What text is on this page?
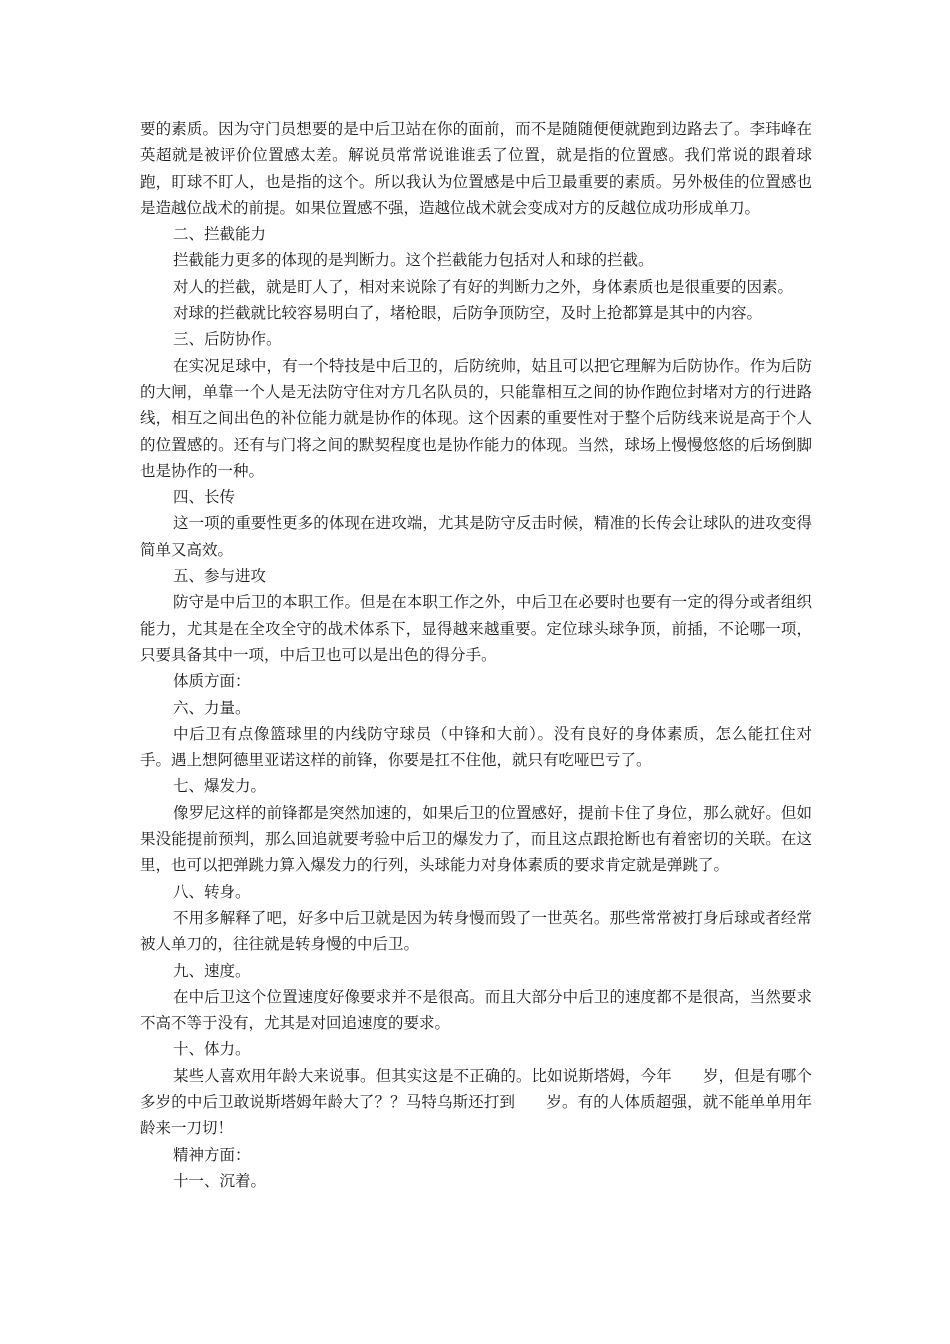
要的素质。因为守门员想要的是中后卫站在你的面前，而不是随随便便就跑到边路去了。李玮峰在英超就是被评价位置感太差。解说员常常说谁谁丢了位置，就是指的位置感。我们常说的跟着球跑，盯球不盯人，也是指的这个。所以我认为位置感是中后卫最重要的素质。另外极佳的位置感也是造越位战术的前提。如果位置感不强，造越位战术就会变成对方的反越位成功形成单刀。

二、拦截能力

拦截能力更多的体现的是判断力。这个拦截能力包括对人和球的拦截。

对人的拦截，就是盯人了，相对来说除了有好的判断力之外，身体素质也是很重要的因素。

对球的拦截就比较容易明白了，堵枪眼，后防争顶防空，及时上抢都算是其中的内容。

三、后防协作。

在实况足球中，有一个特技是中后卫的，后防统帅，姑且可以把它理解为后防协作。作为后防的大闸，单靠一个人是无法防守住对方几名队员的，只能靠相互之间的协作跑位封堵对方的行进路线，相互之间出色的补位能力就是协作的体现。这个因素的重要性对于整个后防线来说是高于个人的位置感的。还有与门将之间的默契程度也是协作能力的体现。当然，球场上慢慢悠悠的后场倒脚也是协作的一种。

四、长传

这一项的重要性更多的体现在进攻端，尤其是防守反击时候，精准的长传会让球队的进攻变得简单又高效。

五、参与进攻

防守是中后卫的本职工作。但是在本职工作之外，中后卫在必要时也要有一定的得分或者组织能力，尤其是在全攻全守的战术体系下，显得越来越重要。定位球头球争顶，前插，不论哪一项，只要具备其中一项，中后卫也可以是出色的得分手。

体质方面：

六、力量。

中后卫有点像篮球里的内线防守球员（中锋和大前）。没有良好的身体素质，怎么能扛住对手。遇上想阿德里亚诺这样的前锋，你要是扛不住他，就只有吃哑巴亏了。

七、爆发力。

像罗尼这样的前锋都是突然加速的，如果后卫的位置感好，提前卡住了身位，那么就好。但如果没能提前预判，那么回追就要考验中后卫的爆发力了，而且这点跟抢断也有着密切的关联。在这里，也可以把弹跳力算入爆发力的行列，头球能力对身体素质的要求肯定就是弹跳了。

八、转身。

不用多解释了吧，好多中后卫就是因为转身慢而毁了一世英名。那些常常被打身后球或者经常被人单刀的，往往就是转身慢的中后卫。

九、速度。

在中后卫这个位置速度好像要求并不是很高。而且大部分中后卫的速度都不是很高，当然要求不高不等于没有，尤其是对回追速度的要求。

十、体力。

某些人喜欢用年龄大来说事。但其实这是不正确的。比如说斯塔姆，今年　　岁，但是有哪个　　多岁的中后卫敢说斯塔姆年龄大了？？马特乌斯还打到　　岁。有的人体质超强，就不能单单用年龄来一刀切！

精神方面：

十一、沉着。
